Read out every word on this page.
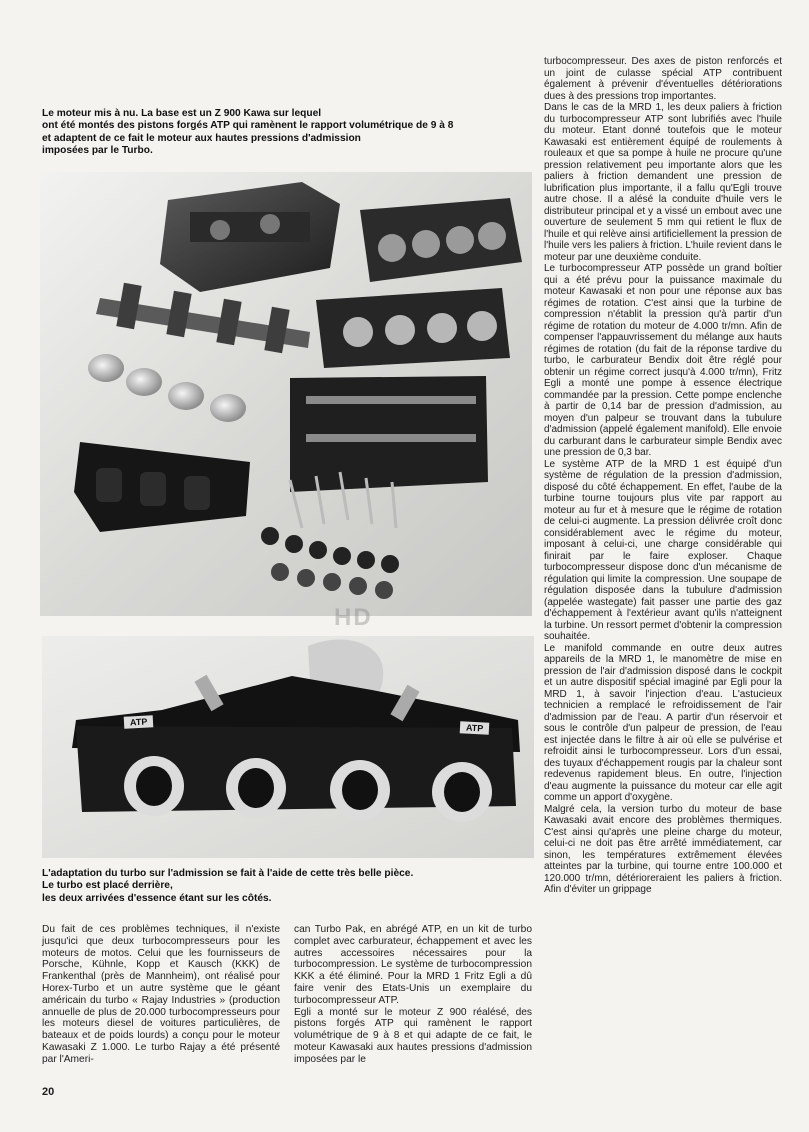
Le moteur mis à nu. La base est un Z 900 Kawa sur lequel
ont été montés des pistons forgés ATP qui ramènent le rapport volumétrique de 9 à 8
et adaptent de ce fait le moteur aux hautes pressions d'admission
imposées par le Turbo.
ATP
ATP
HD
L'adaptation du turbo sur l'admission se fait à l'aide de cette très belle pièce.
Le turbo est placé derrière,
les deux arrivées d'essence étant sur les côtés.

Du fait de ces problèmes techniques, il n'existe jusqu'ici que deux turbocompresseurs pour les moteurs de motos. Celui que les fournisseurs de Porsche, Kühnle, Kopp et Kausch (KKK) de Frankenthal (près de Mannheim), ont réalisé pour Horex-Turbo et un autre système que le géant américain du turbo « Rajay Industries » (production annuelle de plus de 20.000 turbocompresseurs pour les moteurs diesel de voitures particulières, de bateaux et de poids lourds) a conçu pour le moteur Kawasaki Z 1.000. Le turbo Rajay a été présenté par l'Ameri-

can Turbo Pak, en abrégé ATP, en un kit de turbo complet avec carburateur, échappement et avec les autres accessoires nécessaires pour la turbocompression. Le système de turbocompression KKK a été éliminé. Pour la MRD 1 Fritz Egli a dû faire venir des Etats-Unis un exemplaire du turbocompresseur ATP.

Egli a monté sur le moteur Z 900 réalésé, des pistons forgés ATP qui ramènent le rapport volumétrique de 9 à 8 et qui adapte de ce fait, le moteur Kawasaki aux hautes pressions d'admission imposées par le

turbocompresseur. Des axes de piston renforcés et un joint de culasse spécial ATP contribuent également à prévenir d'éventuelles détériorations dues à des pressions trop importantes.

Dans le cas de la MRD 1, les deux paliers à friction du turbocompresseur ATP sont lubrifiés avec l'huile du moteur. Etant donné toutefois que le moteur Kawasaki est entièrement équipé de roulements à rouleaux et que sa pompe à huile ne procure qu'une pression relativement peu importante alors que les paliers à friction demandent une pression de lubrification plus importante, il a fallu qu'Egli trouve autre chose. Il a alésé la conduite d'huile vers le distributeur principal et y a vissé un embout avec une ouverture de seulement 5 mm qui retient le flux de l'huile et qui relève ainsi artificiellement la pression de l'huile vers les paliers à friction. L'huile revient dans le moteur par une deuxième conduite.

Le turbocompresseur ATP possède un grand boîtier qui a été prévu pour la puissance maximale du moteur Kawasaki et non pour une réponse aux bas régimes de rotation. C'est ainsi que la turbine de compression n'établit la pression qu'à partir d'un régime de rotation du moteur de 4.000 tr/mn. Afin de compenser l'appauvrissement du mélange aux hauts régimes de rotation (du fait de la réponse tardive du turbo, le carburateur Bendix doit être réglé pour obtenir un régime correct jusqu'à 4.000 tr/mn), Fritz Egli a monté une pompe à essence électrique commandée par la pression. Cette pompe enclenche à partir de 0,14 bar de pression d'admission, au moyen d'un palpeur se trouvant dans la tubulure d'admission (appelé également manifold). Elle envoie du carburant dans le carburateur simple Bendix avec une pression de 0,3 bar.

Le système ATP de la MRD 1 est équipé d'un système de régulation de la pression d'admission, disposé du côté échappement. En effet, l'aube de la turbine tourne toujours plus vite par rapport au moteur au fur et à mesure que le régime de rotation de celui-ci augmente. La pression délivrée croît donc considérablement avec le régime du moteur, imposant à celui-ci, une charge considérable qui finirait par le faire exploser. Chaque turbocompresseur dispose donc d'un mécanisme de régulation qui limite la compression. Une soupape de régulation disposée dans la tubulure d'admission (appelée wastegate) fait passer une partie des gaz d'échappement à l'extérieur avant qu'ils n'atteignent la turbine. Un ressort permet d'obtenir la compression souhaitée.

Le manifold commande en outre deux autres appareils de la MRD 1, le manomètre de mise en pression de l'air d'admission disposé dans le cockpit et un autre dispositif spécial imaginé par Egli pour la MRD 1, à savoir l'injection d'eau. L'astucieux technicien a remplacé le refroidissement de l'air d'admission par de l'eau. A partir d'un réservoir et sous le contrôle d'un palpeur de pression, de l'eau est injectée dans le filtre à air où elle se pulvérise et refroidit ainsi le turbocompresseur. Lors d'un essai, des tuyaux d'échappement rougis par la chaleur sont redevenus rapidement bleus. En outre, l'injection d'eau augmente la puissance du moteur car elle agit comme un apport d'oxygène.

Malgré cela, la version turbo du moteur de base Kawasaki avait encore des problèmes thermiques. C'est ainsi qu'après une pleine charge du moteur, celui-ci ne doit pas être arrêté immédiatement, car sinon, les températures extrêmement élevées atteintes par la turbine, qui tourne entre 100.000 et 120.000 tr/mn, détérioreraient les paliers à friction. Afin d'éviter un grippage

20
